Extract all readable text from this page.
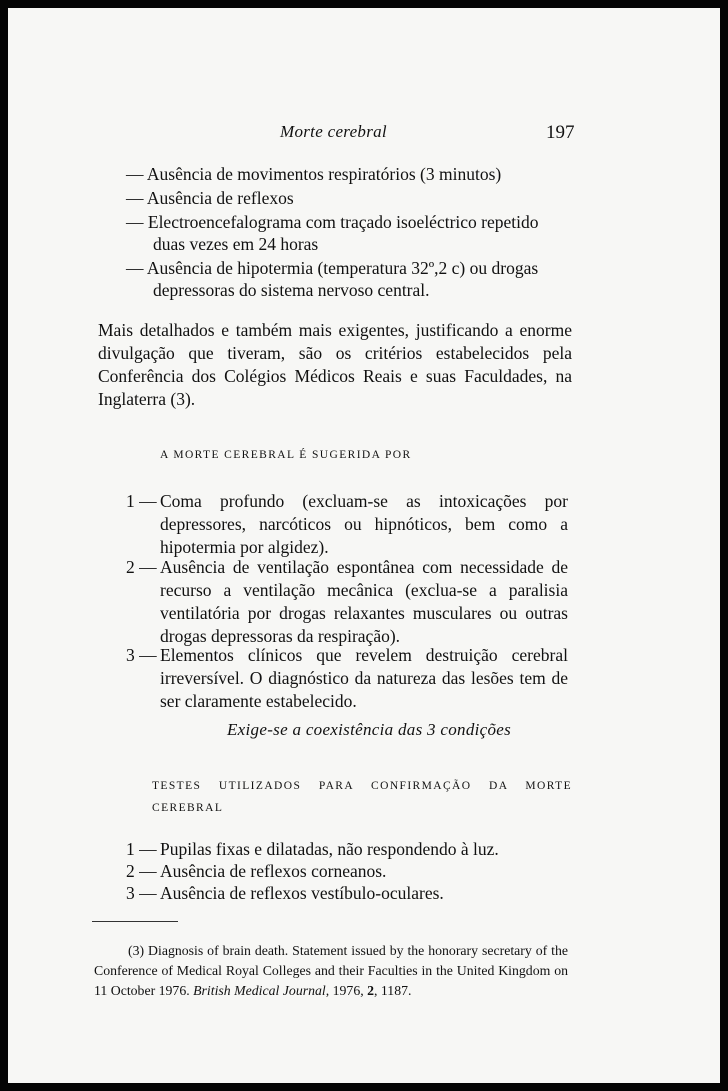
Morte cerebral	197
— Ausência de movimentos respiratórios (3 minutos)
— Ausência de reflexos
— Electroencefalograma com traçado isoeléctrico repetido
duas vezes em 24 horas
— Ausência de hipotermia (temperatura 32º,2 c) ou drogas
depressoras do sistema nervoso central.
Mais detalhados e também mais exigentes, justificando a enorme divulgação que tiveram, são os critérios estabelecidos pela Conferência dos Colégios Médicos Reais e suas Faculdades, na Inglaterra (3).
A MORTE CEREBRAL É SUGERIDA POR
1 — Coma profundo (excluam-se as intoxicações por depressores, narcóticos ou hipnóticos, bem como a hipotermia por algidez).
2 — Ausência de ventilação espontânea com necessidade de recurso a ventilação mecânica (exclua-se a paralisia ventilatória por drogas relaxantes musculares ou outras drogas depressoras da respiração).
3 — Elementos clínicos que revelem destruição cerebral irreversível. O diagnóstico da natureza das lesões tem de ser claramente estabelecido.
Exige-se a coexistência das 3 condições
TESTES UTILIZADOS PARA CONFIRMAÇÃO DA MORTE CEREBRAL
1 — Pupilas fixas e dilatadas, não respondendo à luz.
2 — Ausência de reflexos corneanos.
3 — Ausência de reflexos vestíbulo-oculares.
(3) Diagnosis of brain death. Statement issued by the honorary secretary of the Conference of Medical Royal Colleges and their Faculties in the United Kingdom on 11 October 1976. British Medical Journal, 1976, 2, 1187.
